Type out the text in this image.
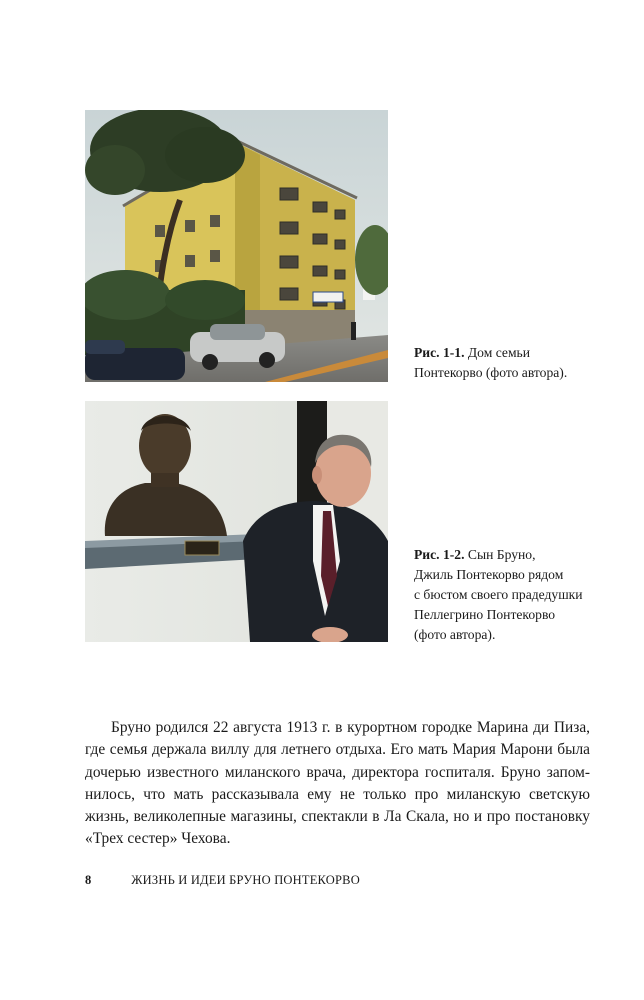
Рис. 1-1. Дом семьи
Понтекорво (фото автора).
Рис. 1-2. Сын Бруно,
Джиль Понтекорво рядом
с бюстом своего прадедушки
Пеллегрино Понтекорво
(фото автора).
Бруно родился 22 августа 1913 г. в курортном городке Марина ди Пиза,
где семья держала виллу для летнего отдыха. Его мать Мария Марони была
дочерью известного миланского врача, директора госпиталя. Бруно запом-
нилось, что мать рассказывала ему не только про миланскую светскую
жизнь, великолепные магазины, спектакли в Ла Скала, но и про постановку
«Трех сестер» Чехова.
8	ЖИЗНЬ И ИДЕИ БРУНО ПОНТЕКОРВО
